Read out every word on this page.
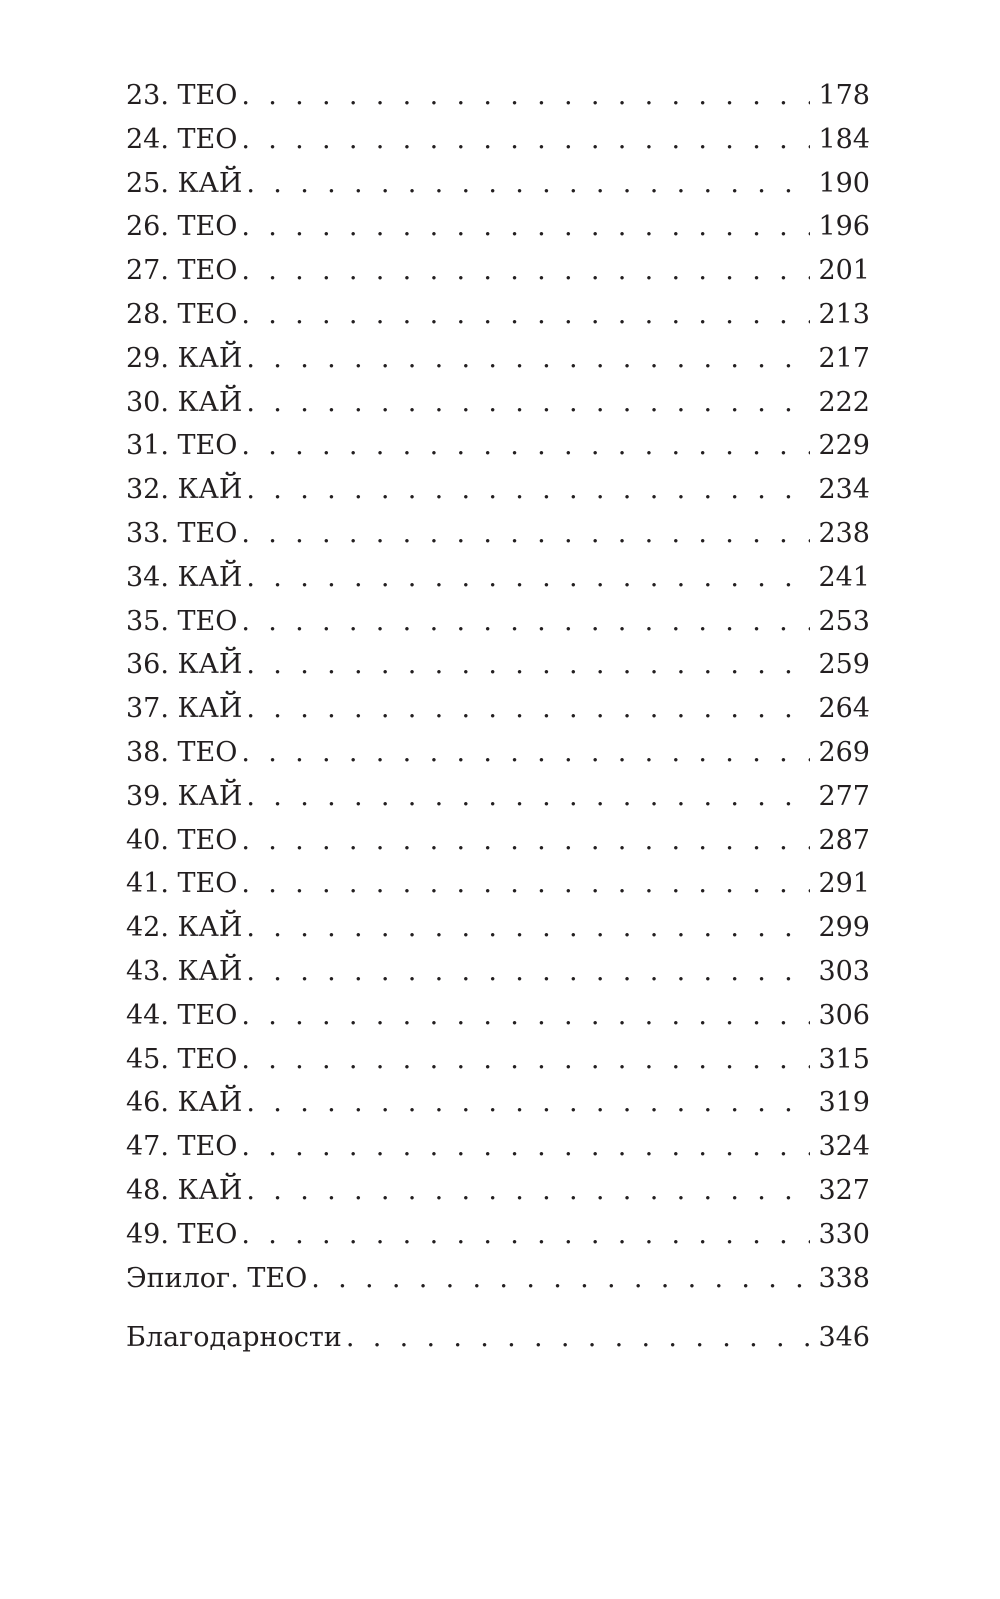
23. ТЕО . . .	178
24. ТЕО . . .	184
25. КАЙ . . .	190
26. ТЕО . . .	196
27. ТЕО . . .	201
28. ТЕО . . .	213
29. КАЙ . . .	217
30. КАЙ . . .	222
31. ТЕО . . .	229
32. КАЙ . . .	234
33. ТЕО . . .	238
34. КАЙ . . .	241
35. ТЕО . . .	253
36. КАЙ . . .	259
37. КАЙ . . .	264
38. ТЕО . . .	269
39. КАЙ . . .	277
40. ТЕО . . .	287
41. ТЕО . . .	291
42. КАЙ . . .	299
43. КАЙ . . .	303
44. ТЕО . . .	306
45. ТЕО . . .	315
46. КАЙ . . .	319
47. ТЕО . . .	324
48. КАЙ . . .	327
49. ТЕО . . .	330
Эпилог. ТЕО . . .	338
Благодарности . . .	346
